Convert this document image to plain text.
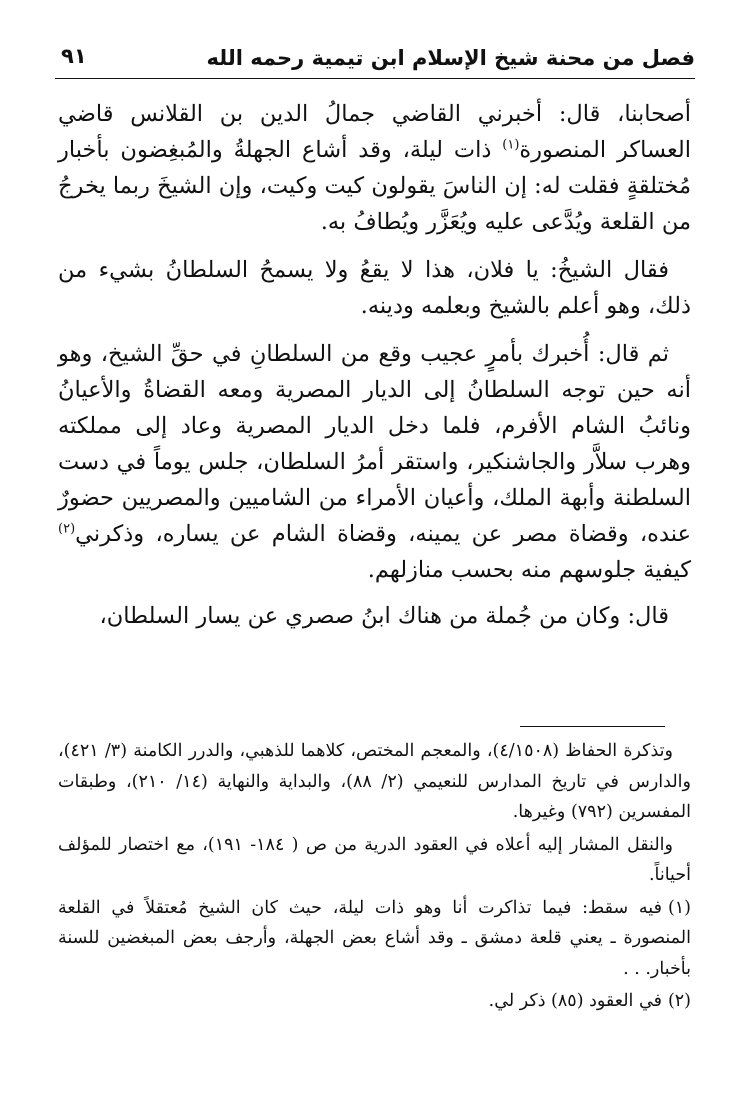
فصل من محنة شيخ الإسلام ابن تيمية رحمه الله
٩١

أصحابنا، قال: أخبرني القاضي جمالُ الدين بن القلانس قاضي العساكر المنصورة$^{(١)}$ ذات ليلة، وقد أشاع الجهلةُ والمُبغِضون بأخبار مُختلقةٍ فقلت له: إن الناسَ يقولون كيت وكيت، وإن الشيخَ ربما يخرجُ من القلعة ويُدَّعى عليه ويُعَزَّر ويُطافُ به.

فقال الشيخُ: يا فلان، هذا لا يقعُ ولا يسمحُ السلطانُ بشيء من ذلك، وهو أعلم بالشيخ وبعلمه ودينه.

ثم قال: أُخبرك بأمرٍ عجيب وقع من السلطانِ في حقِّ الشيخ، وهو أنه حين توجه السلطانُ إلى الديار المصرية ومعه القضاةُ والأعيانُ ونائبُ الشام الأفرم، فلما دخل الديار المصرية وعاد إلى مملكته وهرب سلاَّر والجاشنكير، واستقر أمرُ السلطان، جلس يوماً في دست السلطنة وأبهة الملك، وأعيان الأمراء من الشاميين والمصريين حضورٌ عنده، وقضاة مصر عن يمينه، وقضاة الشام عن يساره، وذكرني$^{(٢)}$ كيفية جلوسهم منه بحسب منازلهم.

قال: وكان من جُملة من هناك ابنُ صصري عن يسار السلطان،

وتذكرة الحفاظ (٤/١٥٠٨)، والمعجم المختص، كلاهما للذهبي، والدرر الكامنة (٣/ ٤٢١)، والدارس في تاريخ المدارس للنعيمي (٢/ ٨٨)، والبداية والنهاية (١٤/ ٢١٠)، وطبقات المفسرين (٧٩٢) وغيرها.

والنقل المشار إليه أعلاه في العقود الدرية من ص ( ١٨٤- ١٩١)، مع اختصار للمؤلف أحياناً.

(١)فيه سقط: فيما تذاكرت أنا وهو ذات ليلة، حيث كان الشيخ مُعتقلاً في القلعة المنصورة ـ يعني قلعة دمشق ـ وقد أشاع بعض الجهلة، وأرجف بعض المبغضين للسنة بأخبار. . .

(٢)في العقود (٨٥) ذكر لي.
